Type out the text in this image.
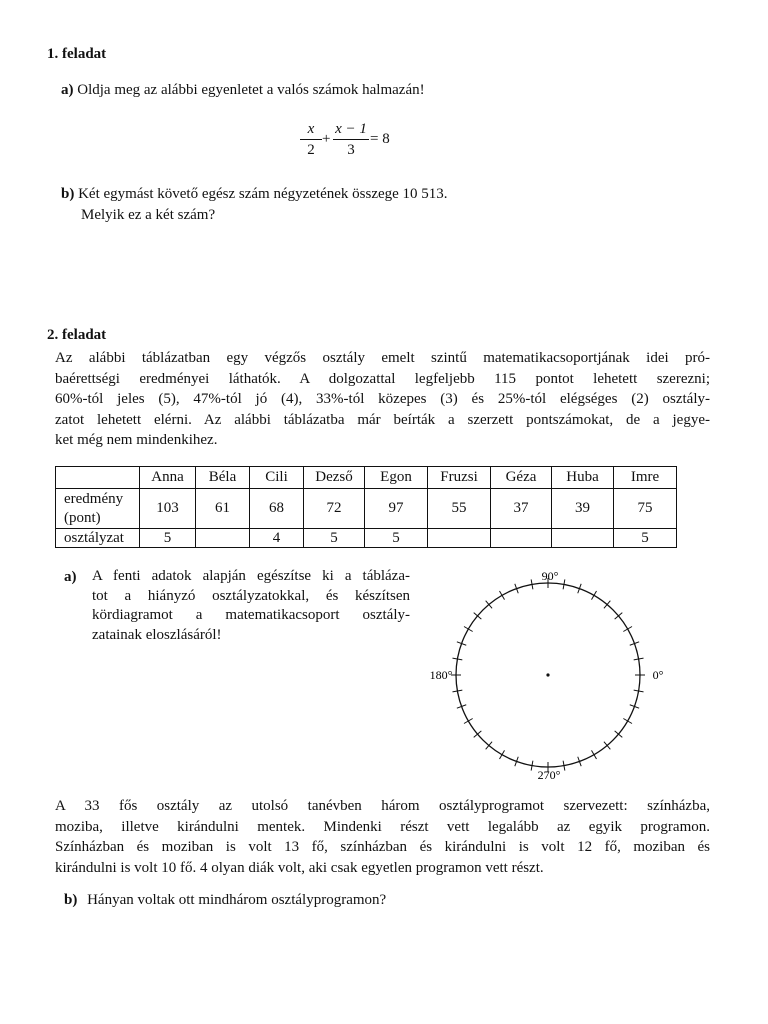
1. feladat
a) Oldja meg az alábbi egyenletet a valós számok halmazán!
x
2
+
x − 1
3
= 8
b) Két egymást követő egész szám négyzetének összege 10 513.
Melyik ez a két szám?
2. feladat
Az alábbi táblázatban egy végzős osztály emelt szintű matematikacsoportjának idei pró-
baérettségi eredményei láthatók. A dolgozattal legfeljebb 115 pontot lehetett szerezni;
60%-tól jeles (5), 47%-tól jó (4), 33%-tól közepes (3) és 25%-tól elégséges (2) osztály-
zatot lehetett elérni. Az alábbi táblázatba már beírták a szerzett pontszámokat, de a jegye-
ket még nem mindenkihez.
	Anna	Béla	Cili	Dezső	Egon	Fruzsi	Géza	Huba	Imre

eredmény
(pont)	103	61	68	72	97	55	37	39	75
osztályzat	5		4	5	5				5
a) A fenti adatok alapján egészítse ki a tábláza-
tot a hiányzó osztályzatokkal, és készítsen
kördiagramot a matematikacsoport osztály-
zatainak eloszlásáról!
90°
180°	0°
270°
A 33 fős osztály az utolsó tanévben három osztályprogramot szervezett: színházba,
moziba, illetve kirándulni mentek. Mindenki részt vett legalább az egyik programon.
Színházban és moziban is volt 13 fő, színházban és kirándulni is volt 12 fő, moziban és
kirándulni is volt 10 fő. 4 olyan diák volt, aki csak egyetlen programon vett részt.
b) Hányan voltak ott mindhárom osztályprogramon?
